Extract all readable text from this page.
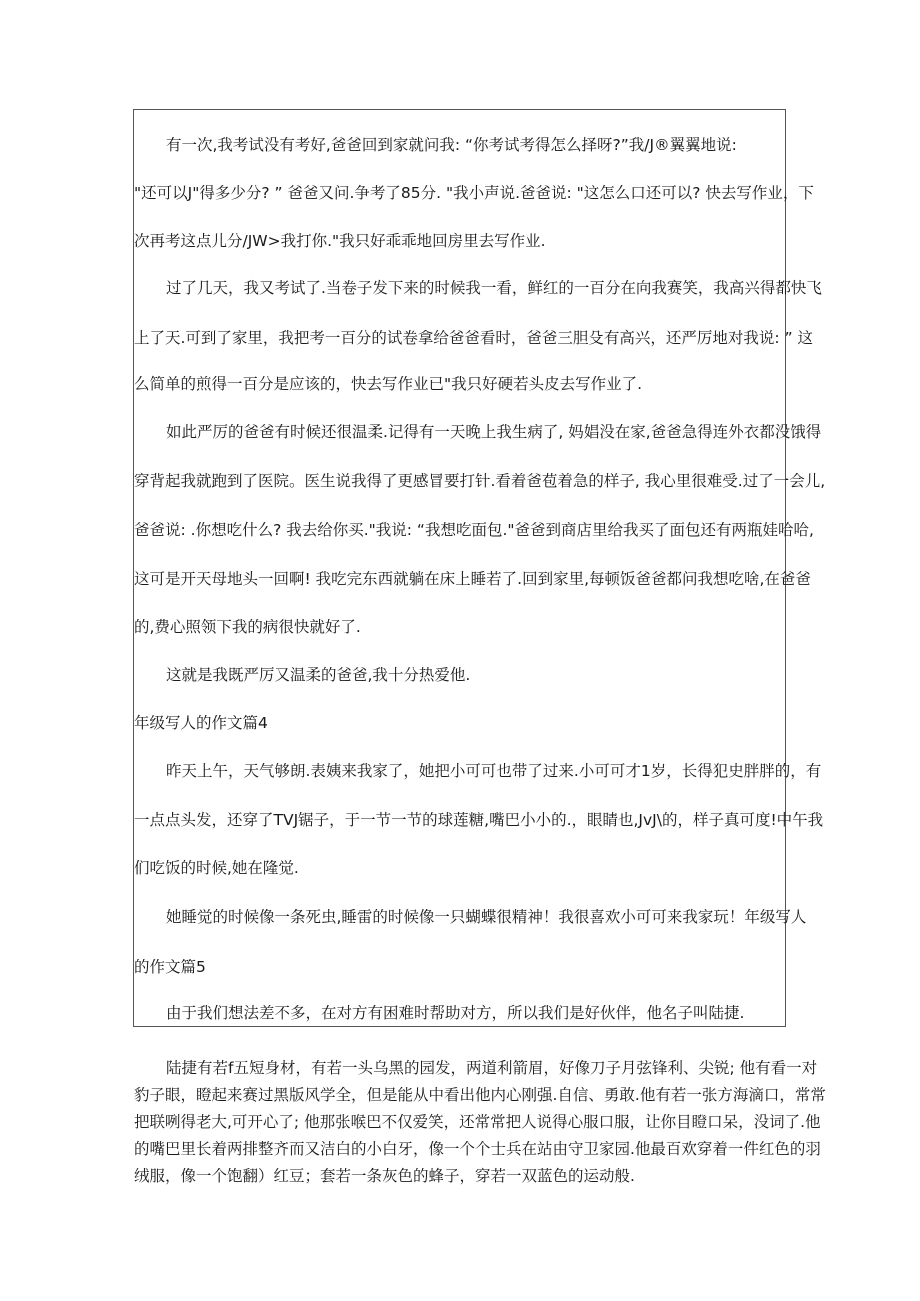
有一次,我考试没有考好,爸爸回到家就问我: “你考试考得怎么择呀?”我/J®翼翼地说:
"还可以J"得多少分? ” 爸爸又问.争考了85分. "我小声说.爸爸说: "这怎么口还可以? 快去写作业，下
次再考这点儿分/JW>我打你."我只好乖乖地回房里去写作业.
过了几天，我又考试了.当卷子发下来的时候我一看，鲜红的一百分在向我赛笑，我高兴得都快飞
上了天.可到了家里，我把考一百分的试卷拿给爸爸看时，爸爸三胆殳有高兴，还严厉地对我说: ” 这
么简单的煎得一百分是应该的，快去写作业已"我只好硬若头皮去写作业了.
如此严厉的爸爸有时候还很温柔.记得有一天晚上我生病了, 妈娼没在家,爸爸急得连外衣都没饿得
穿背起我就跑到了医院。医生说我得了更感冒要打针.看着爸苞着急的样子, 我心里很难受.过了一会儿,
爸爸说: .你想吃什么? 我去给你买."我说: “我想吃面包."爸爸到商店里给我买了面包还有两瓶娃哈哈,
这可是开天母地头一回啊! 我吃完东西就躺在床上睡若了.回到家里,每顿饭爸爸都问我想吃啥,在爸爸
的,费心照领下我的病很快就好了.
这就是我既严厉又温柔的爸爸,我十分热爱他.
年级写人的作文篇4
昨天上午，天气够朗.表姨来我家了，她把小可可也带了过来.小可可才1岁，长得犯史胖胖的，有
一点点头发，还穿了TVJ锯子，于一节一节的球莲糖,嘴巴小小的.，眼睛也,JvJ\的，样子真可度!中午我
们吃饭的时候,她在隆觉.
她睡觉的时候像一条死虫,睡雷的时候像一只蝴蝶很精神！我很喜欢小可可来我家玩！年级写人
的作文篇5
由于我们想法差不多，在对方有困难时帮助对方，所以我们是好伙伴，他名子叫陆捷.
陆捷有若f五短身材，有若一头乌黑的园发，两道利箭眉，好像刀子月弦锋利、尖锐; 他有看一对
豹子眼，瞪起来赛过黑版风学全，但是能从中看出他内心刚强.自信、勇敢.他有若一张方海滴口，常常
把联咧得老大,可开心了; 他那张喉巴不仅爱笑，还常常把人说得心服口服，让你目瞪口呆，没词了.他
的嘴巴里长着两排整齐而又洁白的小白牙，像一个个士兵在站由守卫家园.他最百欢穿着一件红色的羽
绒服，像一个饱翻）红豆；套若一条灰色的蜂子，穿若一双蓝色的运动般.
